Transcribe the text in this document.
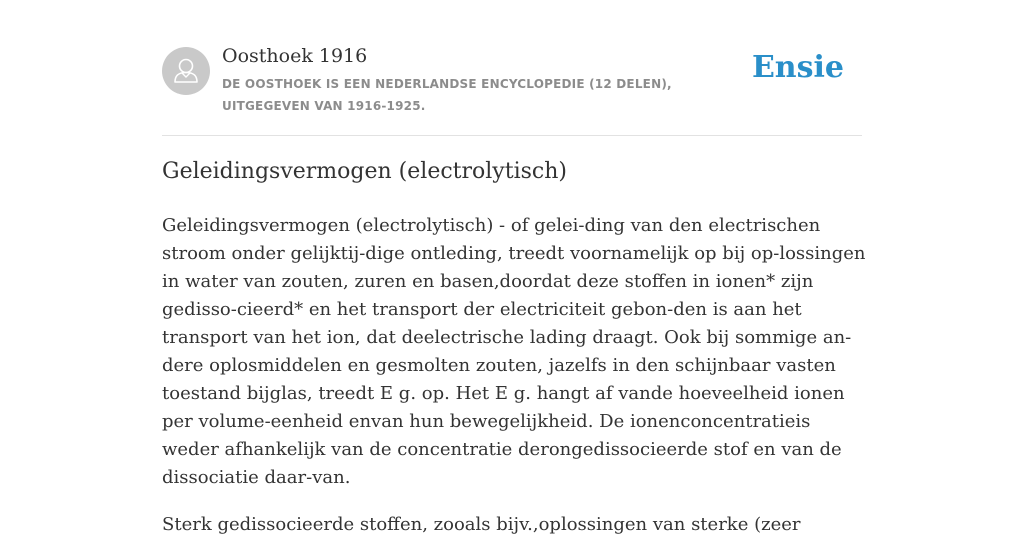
Oosthoek 1916
DE OOSTHOEK IS EEN NEDERLANDSE ENCYCLOPEDIE (12 DELEN), UITGEGEVEN VAN 1916-1925.
Ensie
Geleidingsvermogen (electrolytisch)

Geleidingsvermogen (electrolytisch) - of gelei-ding van den electrischen stroom onder gelijktij-dige ontleding, treedt voornamelijk op bij op-lossingen in water van zouten, zuren en basen,doordat deze stoffen in ionen* zijn gedisso-cieerd* en het transport der electriciteit gebon-den is aan het transport van het ion, dat deelectrische lading draagt. Ook bij sommige an-dere oplosmiddelen en gesmolten zouten, jazelfs in den schijnbaar vasten toestand bijglas, treedt E g. op. Het E g. hangt af vande hoeveelheid ionen per volume-eenheid envan hun bewegelijkheid. De ionenconcentratieis weder afhankelijk van de concentratie derongedissocieerde stof en van de dissociatie daar-van.

Sterk gedissocieerde stoffen, zooals bijv.,oplossingen van sterke (zeer
